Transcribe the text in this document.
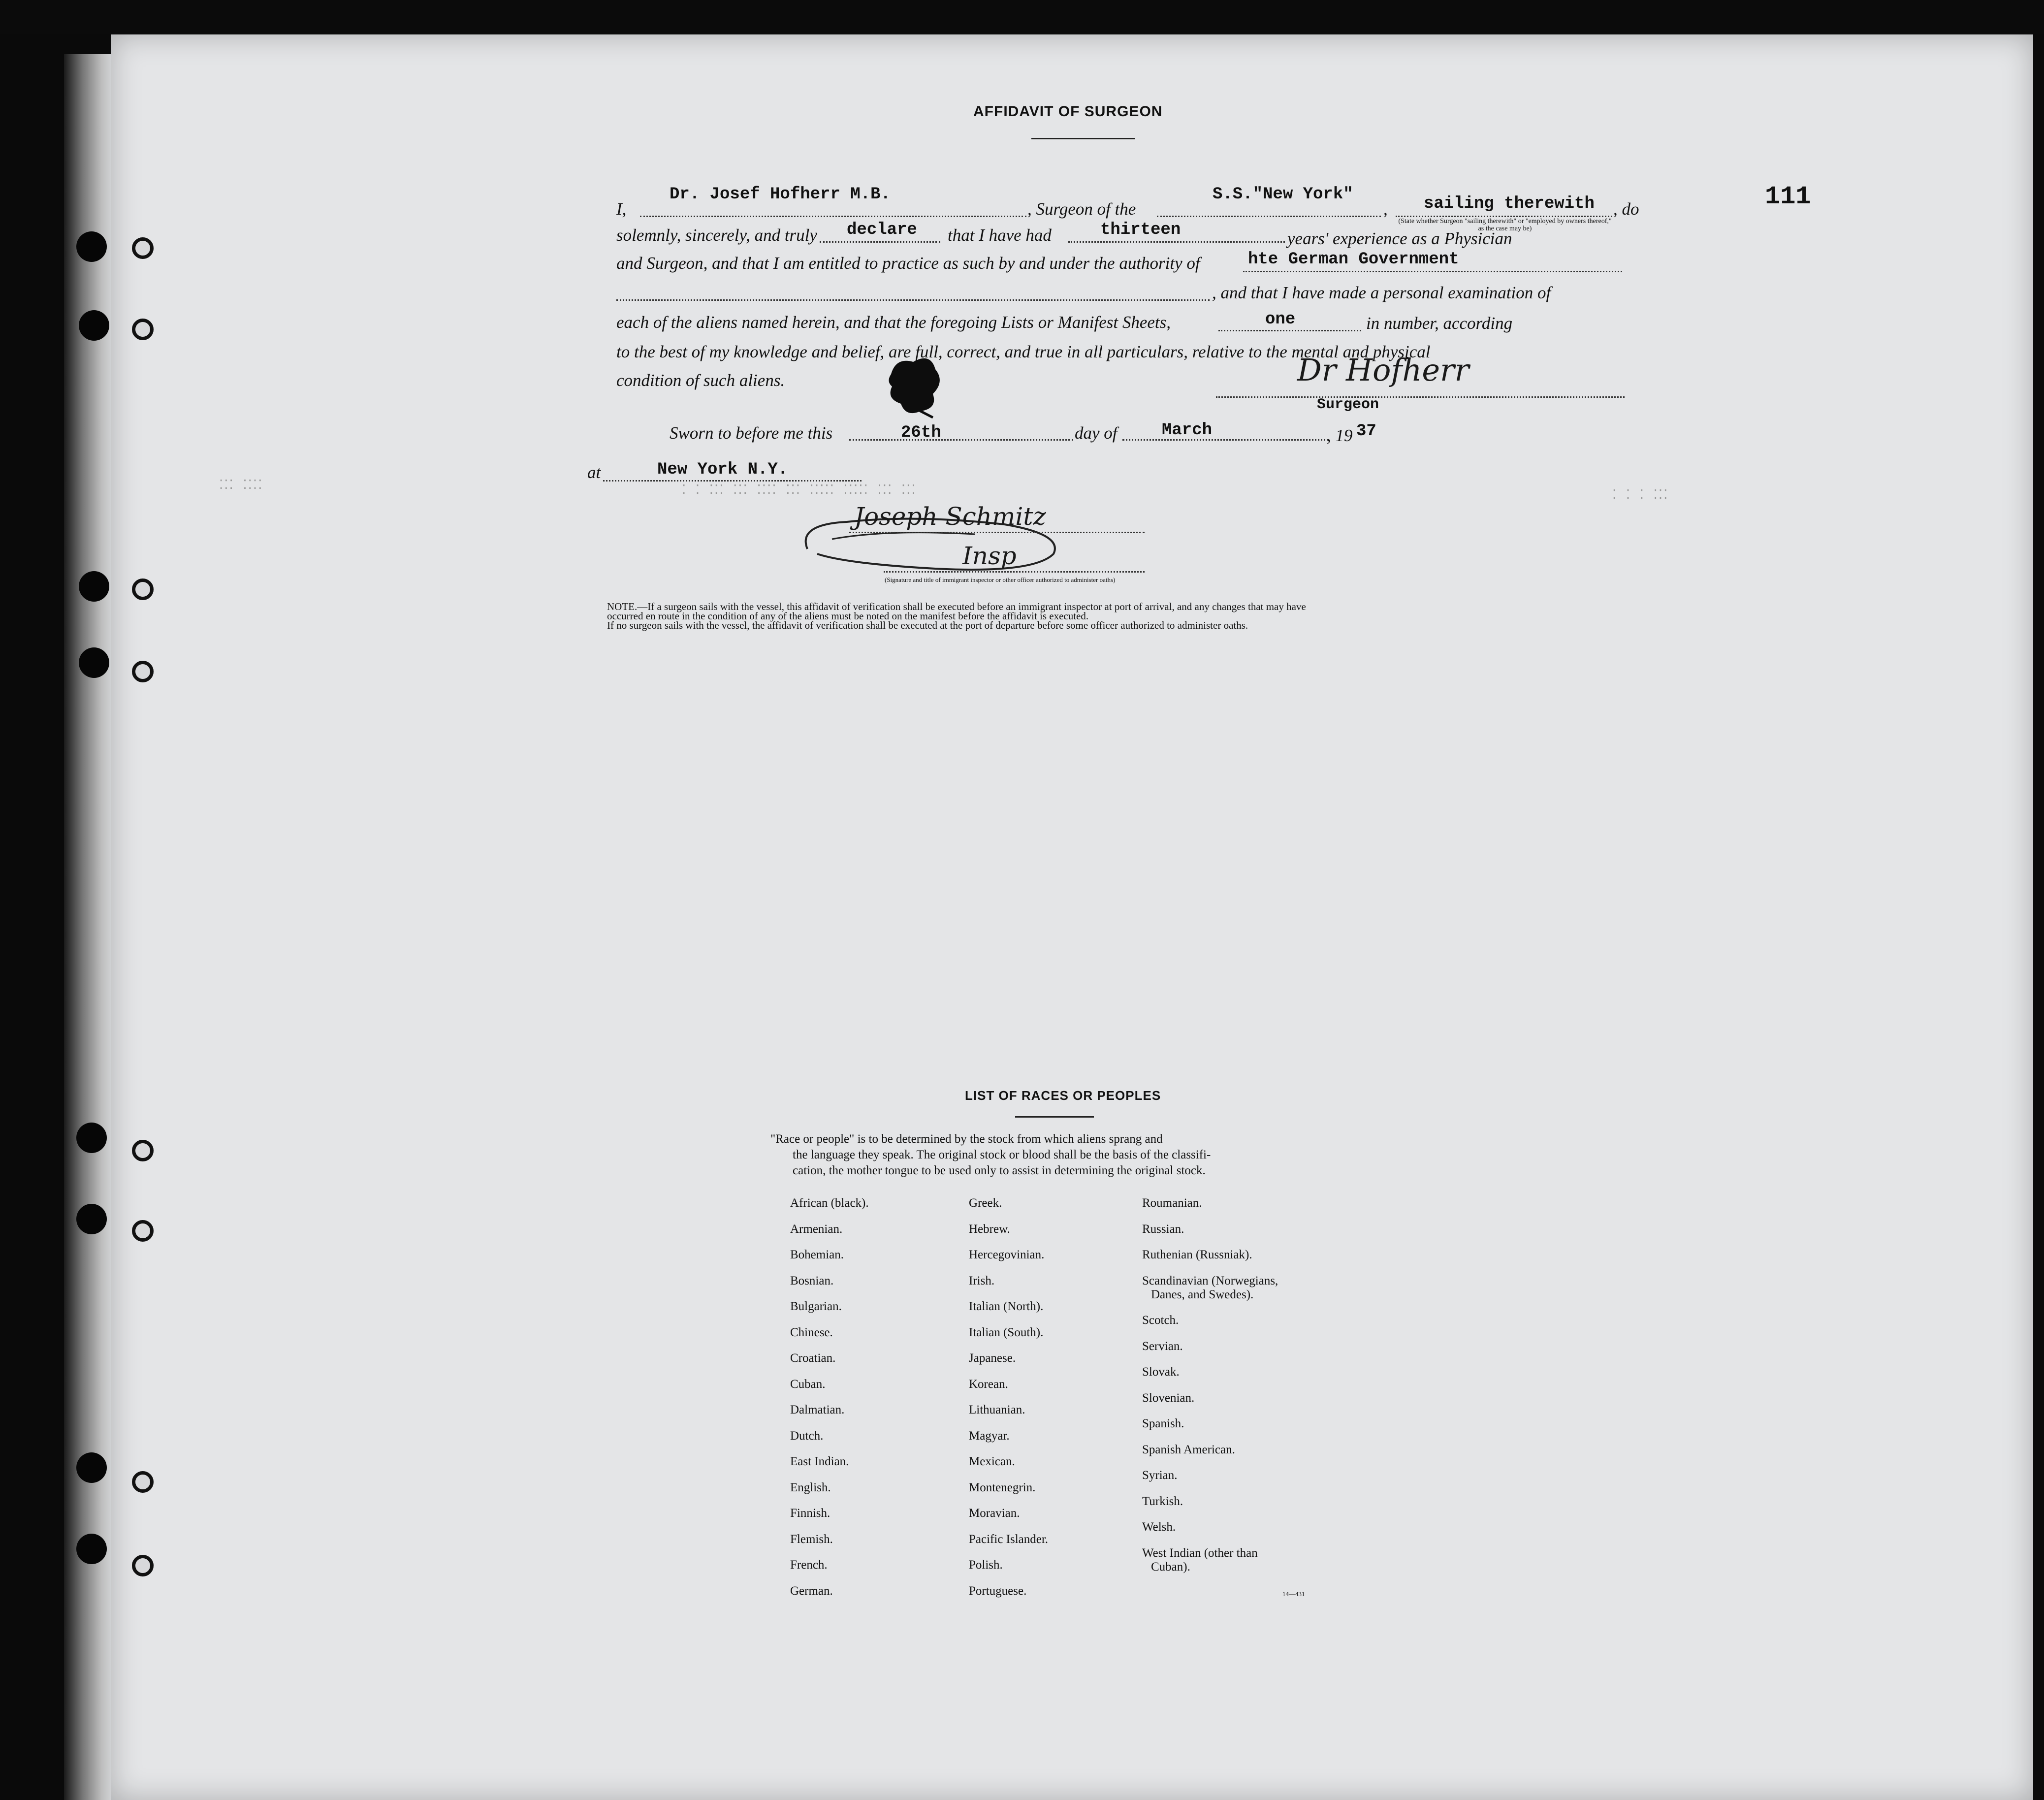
AFFIDAVIT OF SURGEON
I,
Dr. Josef Hofherr M.B.
, Surgeon of the
S.S."New York"
, sailing therewith , do
(State whether Surgeon "sailing therewith" or "employed by owners thereof," as the case may be)
solemnly, sincerely, and truly declare that I have had	thirteen	years' experience as a Physician
and Surgeon, and that I am entitled to practice as such by and under the authority of	hte German Government
, and that I have made a personal examination of
each of the aliens named herein, and that the foregoing Lists or Manifest Sheets,	one	in number, according
to the best of my knowledge and belief, are full, correct, and true in all particulars, relative to the mental and physical
condition of such aliens.	Dr Hofherr
Surgeon
Sworn to before me this	26th	day of	March	, 19 37
at	New York N.Y.
⁚⁚⁚ ⁚⁚⁚⁚	⁚ ⁚ ⁚⁚⁚ ⁚⁚⁚ ⁚⁚⁚⁚ ⁚⁚⁚ ⁚⁚⁚⁚⁚ ⁚⁚⁚⁚⁚ ⁚⁚⁚ ⁚⁚⁚	⁚ ⁚ ⁚ ⁚⁚⁚
Joseph Schmitz
Insp
(Signature and title of immigrant inspector or other officer authorized to administer oaths)
NOTE.—If a surgeon sails with the vessel, this affidavit of verification shall be executed before an immigrant inspector at port of arrival, and any changes that may have
occurred en route in the condition of any of the aliens must be noted on the manifest before the affidavit is executed.
If no surgeon sails with the vessel, the affidavit of verification shall be executed at the port of departure before some officer authorized to administer oaths.
111
LIST OF RACES OR PEOPLES
"Race or people" is to be determined by the stock from which aliens sprang and
the language they speak. The original stock or blood shall be the basis of the classifi-
cation, the mother tongue to be used only to assist in determining the original stock.
African (black).
Armenian.
Bohemian.
Bosnian.
Bulgarian.
Chinese.
Croatian.
Cuban.
Dalmatian.
Dutch.
East Indian.
English.
Finnish.
Flemish.
French.
German.
Greek.
Hebrew.
Hercegovinian.
Irish.
Italian (North).
Italian (South).
Japanese.
Korean.
Lithuanian.
Magyar.
Mexican.
Montenegrin.
Moravian.
Pacific Islander.
Polish.
Portuguese.
Roumanian.
Russian.
Ruthenian (Russniak).
Scandinavian (Norwegians,
Danes, and Swedes).
Scotch.
Servian.
Slovak.
Slovenian.
Spanish.
Spanish American.
Syrian.
Turkish.
Welsh.
West Indian (other than
Cuban).
14—431
